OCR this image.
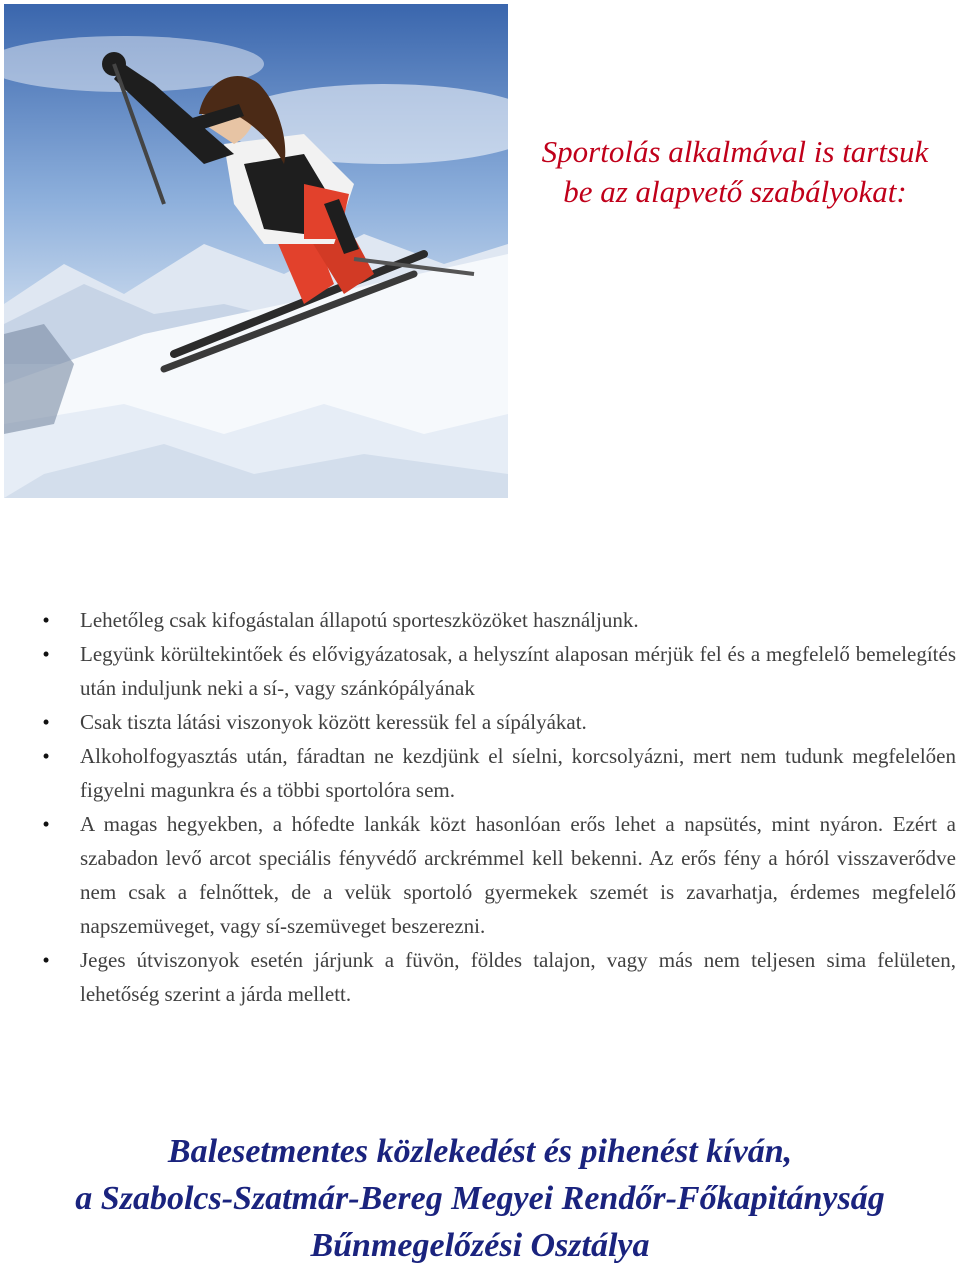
Sportolás alkalmával is tartsuk
be az alapvető szabályokat:
• Lehetőleg csak kifogástalan állapotú sporteszközöket használjunk.
• Legyünk körültekintőek és elővigyázatosak, a helyszínt alaposan mérjük fel és a megfelelő bemelegítés után induljunk neki a sí-, vagy szánkópályának
• Csak tiszta látási viszonyok között keressük fel a sípályákat.
• Alkoholfogyasztás után, fáradtan ne kezdjünk el síelni, korcsolyázni, mert nem tudunk megfelelően figyelni magunkra és a többi sportolóra sem.
• A magas hegyekben, a hófedte lankák közt hasonlóan erős lehet a napsütés, mint nyáron. Ezért a szabadon levő arcot speciális fényvédő arckrémmel kell bekenni. Az erős fény a hóról visszaverődve nem csak a felnőttek, de a velük sportoló gyermekek szemét is zavarhatja, érdemes megfelelő napszemüveget, vagy sí-szemüveget beszerezni.
• Jeges útviszonyok esetén járjunk a füvön, földes talajon, vagy más nem teljesen sima felületen, lehetőség szerint a járda mellett.
Balesetmentes közlekedést és pihenést kíván,
a Szabolcs-Szatmár-Bereg Megyei Rendőr-Főkapitányság
Bűnmegelőzési Osztálya
